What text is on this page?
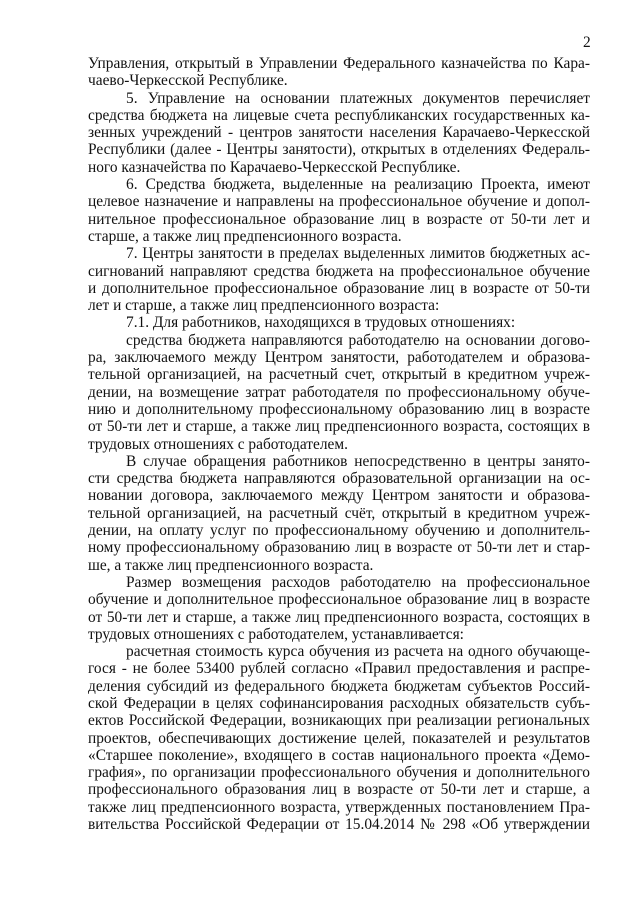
2
Управления, открытый в Управлении Федерального казначейства по Кара-
чаево-Черкесской Республике.
5. Управление на основании платежных документов перечисляет
средства бюджета на лицевые счета республиканских государственных ка-
зенных учреждений - центров занятости населения Карачаево-Черкесской
Республики (далее - Центры занятости), открытых в отделениях Федераль-
ного казначейства по Карачаево-Черкесской Республике.
6. Средства бюджета, выделенные на реализацию Проекта, имеют
целевое назначение и направлены на профессиональное обучение и допол-
нительное профессиональное образование лиц в возрасте от 50-ти лет и
старше, а также лиц предпенсионного возраста.
7. Центры занятости в пределах выделенных лимитов бюджетных ас-
сигнований направляют средства бюджета на профессиональное обучение
и дополнительное профессиональное образование лиц в возрасте от 50-ти
лет и старше, а также лиц предпенсионного возраста:
7.1. Для работников, находящихся в трудовых отношениях:
средства бюджета направляются работодателю на основании догово-
ра, заключаемого между Центром занятости, работодателем и образова-
тельной организацией, на расчетный счет, открытый в кредитном учреж-
дении, на возмещение затрат работодателя по профессиональному обуче-
нию и дополнительному профессиональному образованию лиц в возрасте
от 50-ти лет и старше, а также лиц предпенсионного возраста, состоящих в
трудовых отношениях с работодателем.
В случае обращения работников непосредственно в центры занято-
сти средства бюджета направляются образовательной организации на ос-
новании договора, заключаемого между Центром занятости и образова-
тельной организацией, на расчетный счёт, открытый в кредитном учреж-
дении, на оплату услуг по профессиональному обучению и дополнитель-
ному профессиональному образованию лиц в возрасте от 50-ти лет и стар-
ше, а также лиц предпенсионного возраста.
Размер возмещения расходов работодателю на профессиональное
обучение и дополнительное профессиональное образование лиц в возрасте
от 50-ти лет и старше, а также лиц предпенсионного возраста, состоящих в
трудовых отношениях с работодателем, устанавливается:
расчетная стоимость курса обучения из расчета на одного обучающе-
гося - не более 53400 рублей согласно «Правил предоставления и распре-
деления субсидий из федерального бюджета бюджетам субъектов Россий-
ской Федерации в целях софинансирования расходных обязательств субъ-
ектов Российской Федерации, возникающих при реализации региональных
проектов, обеспечивающих достижение целей, показателей и результатов
«Старшее поколение», входящего в состав национального проекта «Демо-
графия», по организации профессионального обучения и дополнительного
профессионального образования лиц в возрасте от 50-ти лет и старше, а
также лиц предпенсионного возраста, утвержденных постановлением Пра-
вительства Российской Федерации от 15.04.2014 № 298 «Об утверждении
